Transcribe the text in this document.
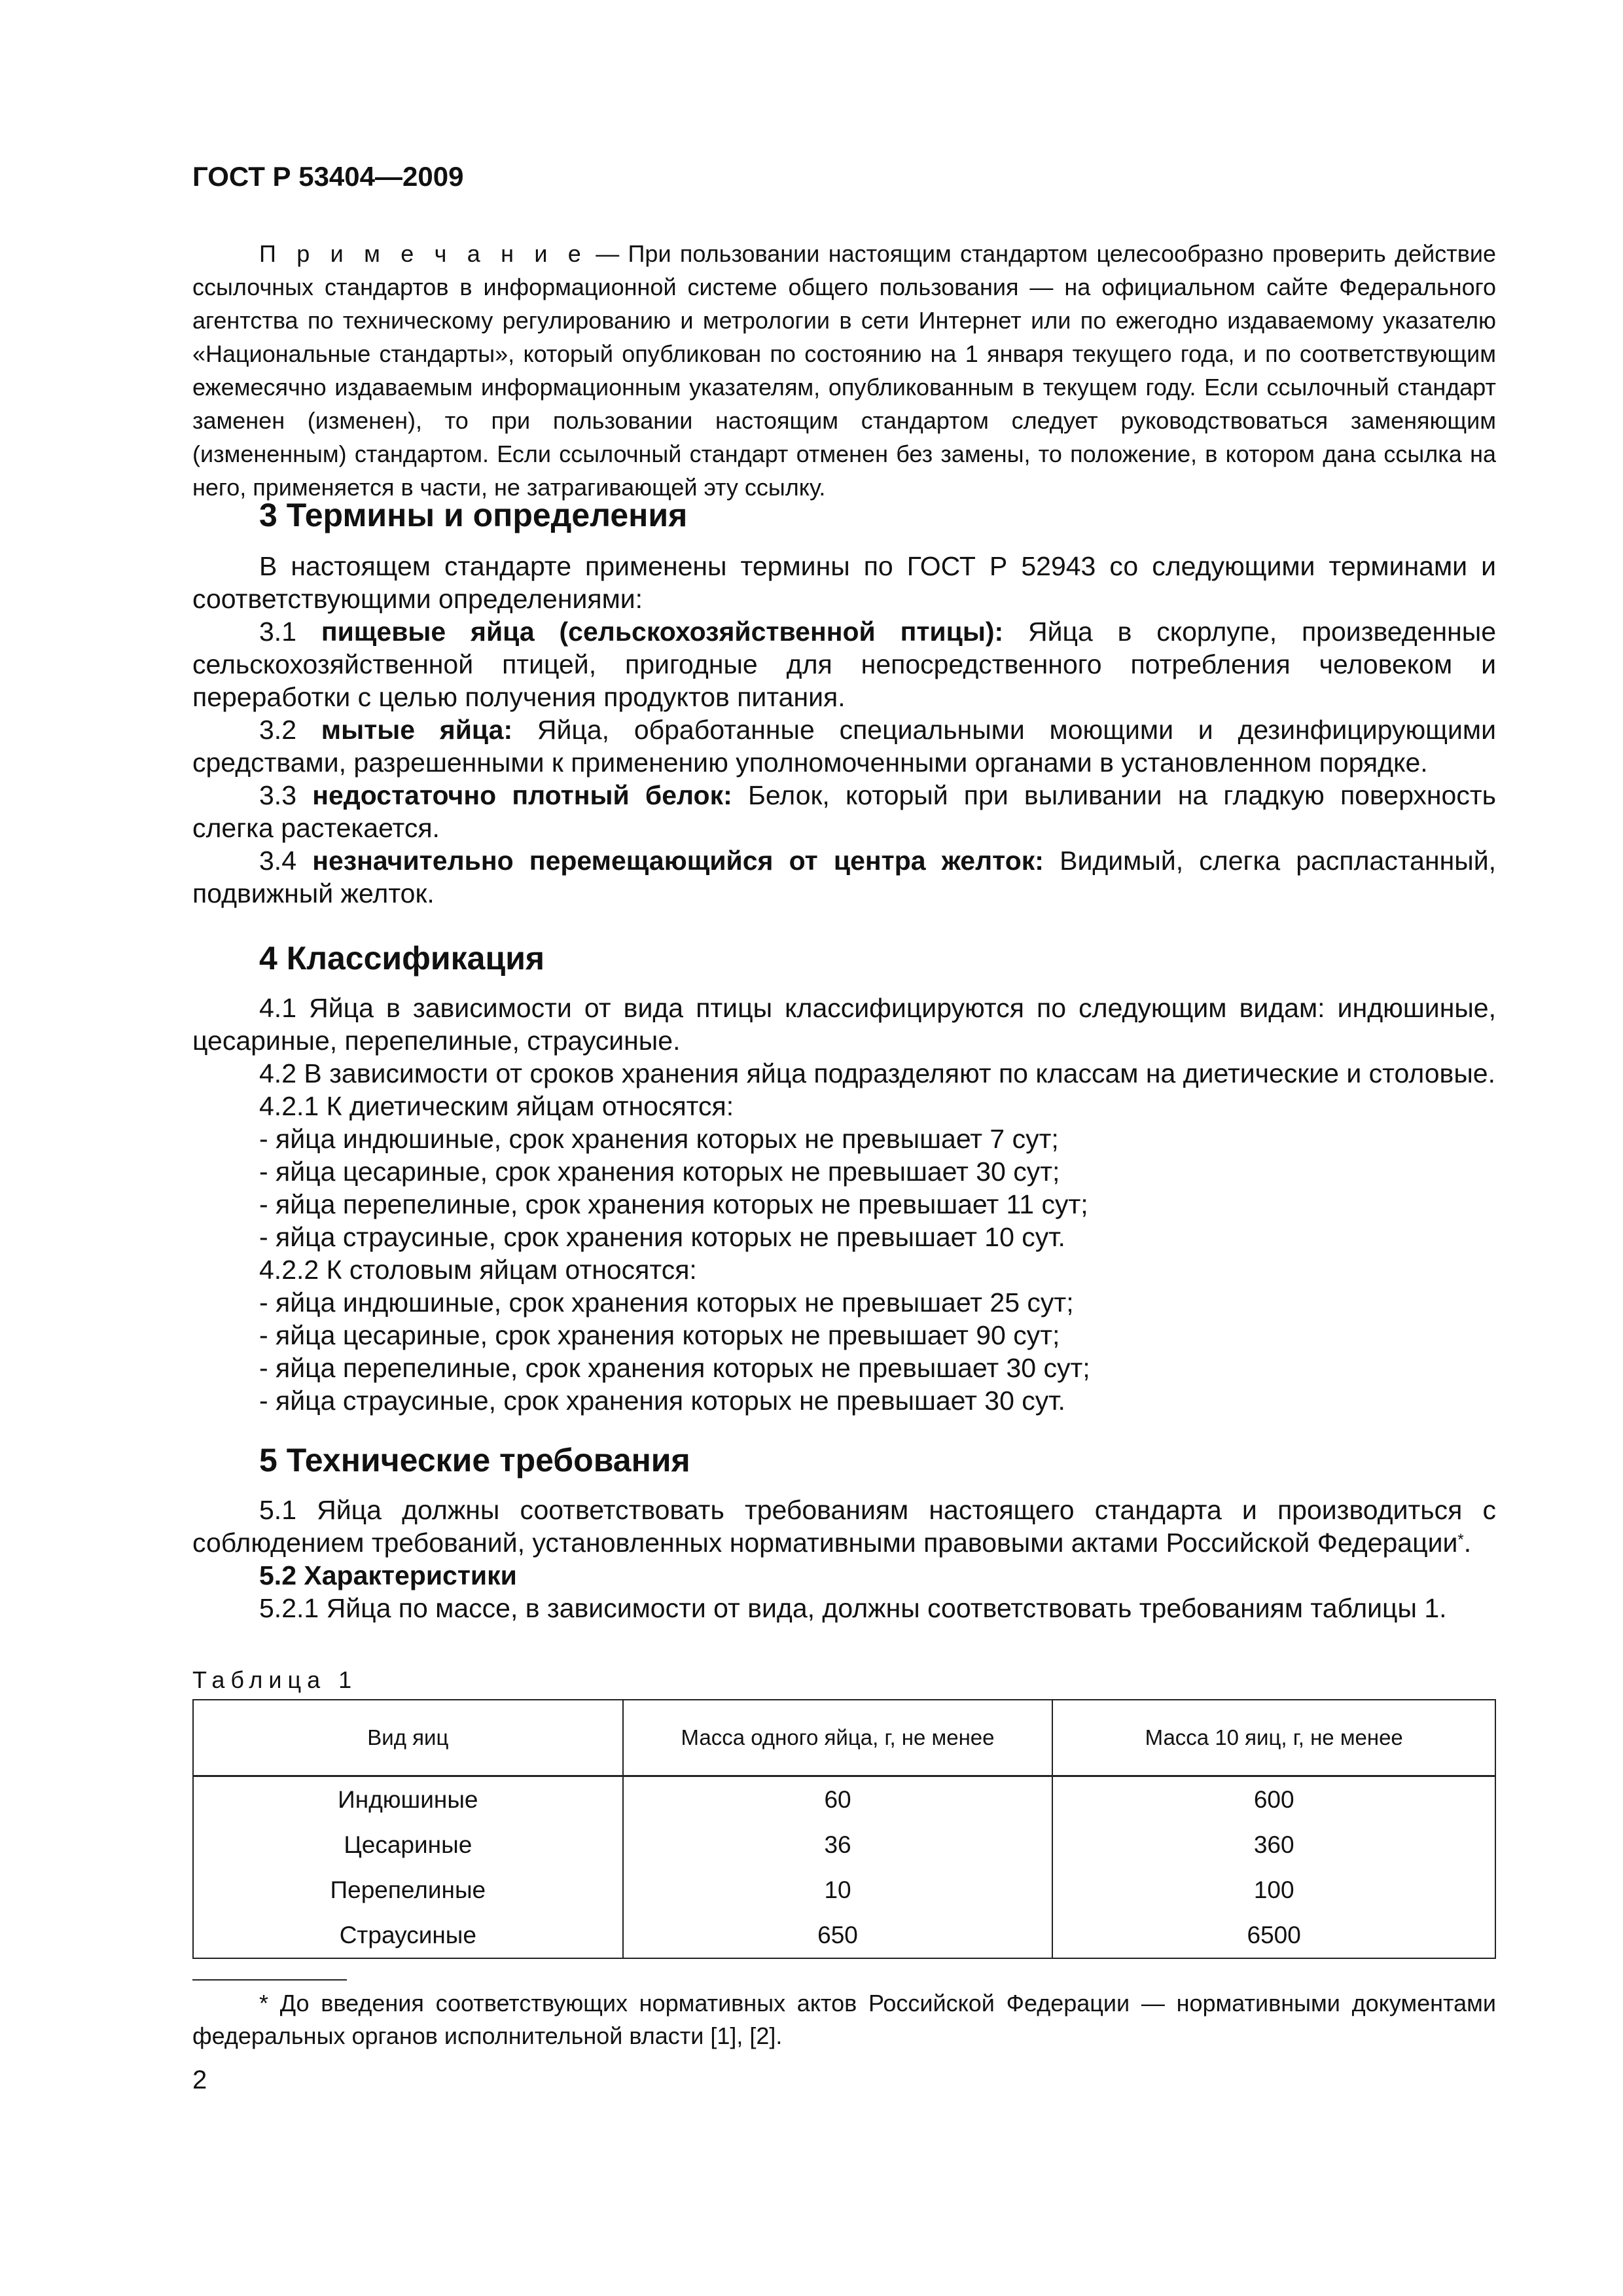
ГОСТ Р 53404—2009

П р и м е ч а н и е — При пользовании настоящим стандартом целесообразно проверить действие ссылочных стандартов в информационной системе общего пользования — на официальном сайте Федерального агентства по техническому регулированию и метрологии в сети Интернет или по ежегодно издаваемому указателю «Национальные стандарты», который опубликован по состоянию на 1 января текущего года, и по соответствующим ежемесячно издаваемым информационным указателям, опубликованным в текущем году. Если ссылочный стандарт заменен (изменен), то при пользовании настоящим стандартом следует руководствоваться заменяющим (измененным) стандартом. Если ссылочный стандарт отменен без замены, то положение, в котором дана ссылка на него, применяется в части, не затрагивающей эту ссылку.

3 Термины и определения

В настоящем стандарте применены термины по ГОСТ Р 52943 со следующими терминами и соответствующими определениями:

3.1 пищевые яйца (сельскохозяйственной птицы): Яйца в скорлупе, произведенные сельскохозяйственной птицей, пригодные для непосредственного потребления человеком и переработки с целью получения продуктов питания.

3.2 мытые яйца: Яйца, обработанные специальными моющими и дезинфицирующими средствами, разрешенными к применению уполномоченными органами в установленном порядке.

3.3 недостаточно плотный белок: Белок, который при выливании на гладкую поверхность слегка растекается.

3.4 незначительно перемещающийся от центра желток: Видимый, слегка распластанный, подвижный желток.

4 Классификация

4.1 Яйца в зависимости от вида птицы классифицируются по следующим видам: индюшиные, цесариные, перепелиные, страусиные.

4.2 В зависимости от сроков хранения яйца подразделяют по классам на диетические и столовые.

4.2.1 К диетическим яйцам относятся:

- яйца индюшиные, срок хранения которых не превышает 7 сут;

- яйца цесариные, срок хранения которых не превышает 30 сут;

- яйца перепелиные, срок хранения которых не превышает 11 сут;

- яйца страусиные, срок хранения которых не превышает 10 сут.

4.2.2 К столовым яйцам относятся:

- яйца индюшиные, срок хранения которых не превышает 25 сут;

- яйца цесариные, срок хранения которых не превышает 90 сут;

- яйца перепелиные, срок хранения которых не превышает 30 сут;

- яйца страусиные, срок хранения которых не превышает 30 сут.

5 Технические требования

5.1 Яйца должны соответствовать требованиям настоящего стандарта и производиться с соблюдением требований, установленных нормативными правовыми актами Российской Федерации*.

5.2 Характеристики

5.2.1 Яйца по массе, в зависимости от вида, должны соответствовать требованиям таблицы 1.

Таблица 1
Вид яиц	Масса одного яйца, г, не менее	Масса 10 яиц, г, не менее
Индюшиные	60	600
Цесариные	36	360
Перепелиные	10	100
Страусиные	650	6500

* До введения соответствующих нормативных актов Российской Федерации — нормативными документами федеральных органов исполнительной власти [1], [2].

2
